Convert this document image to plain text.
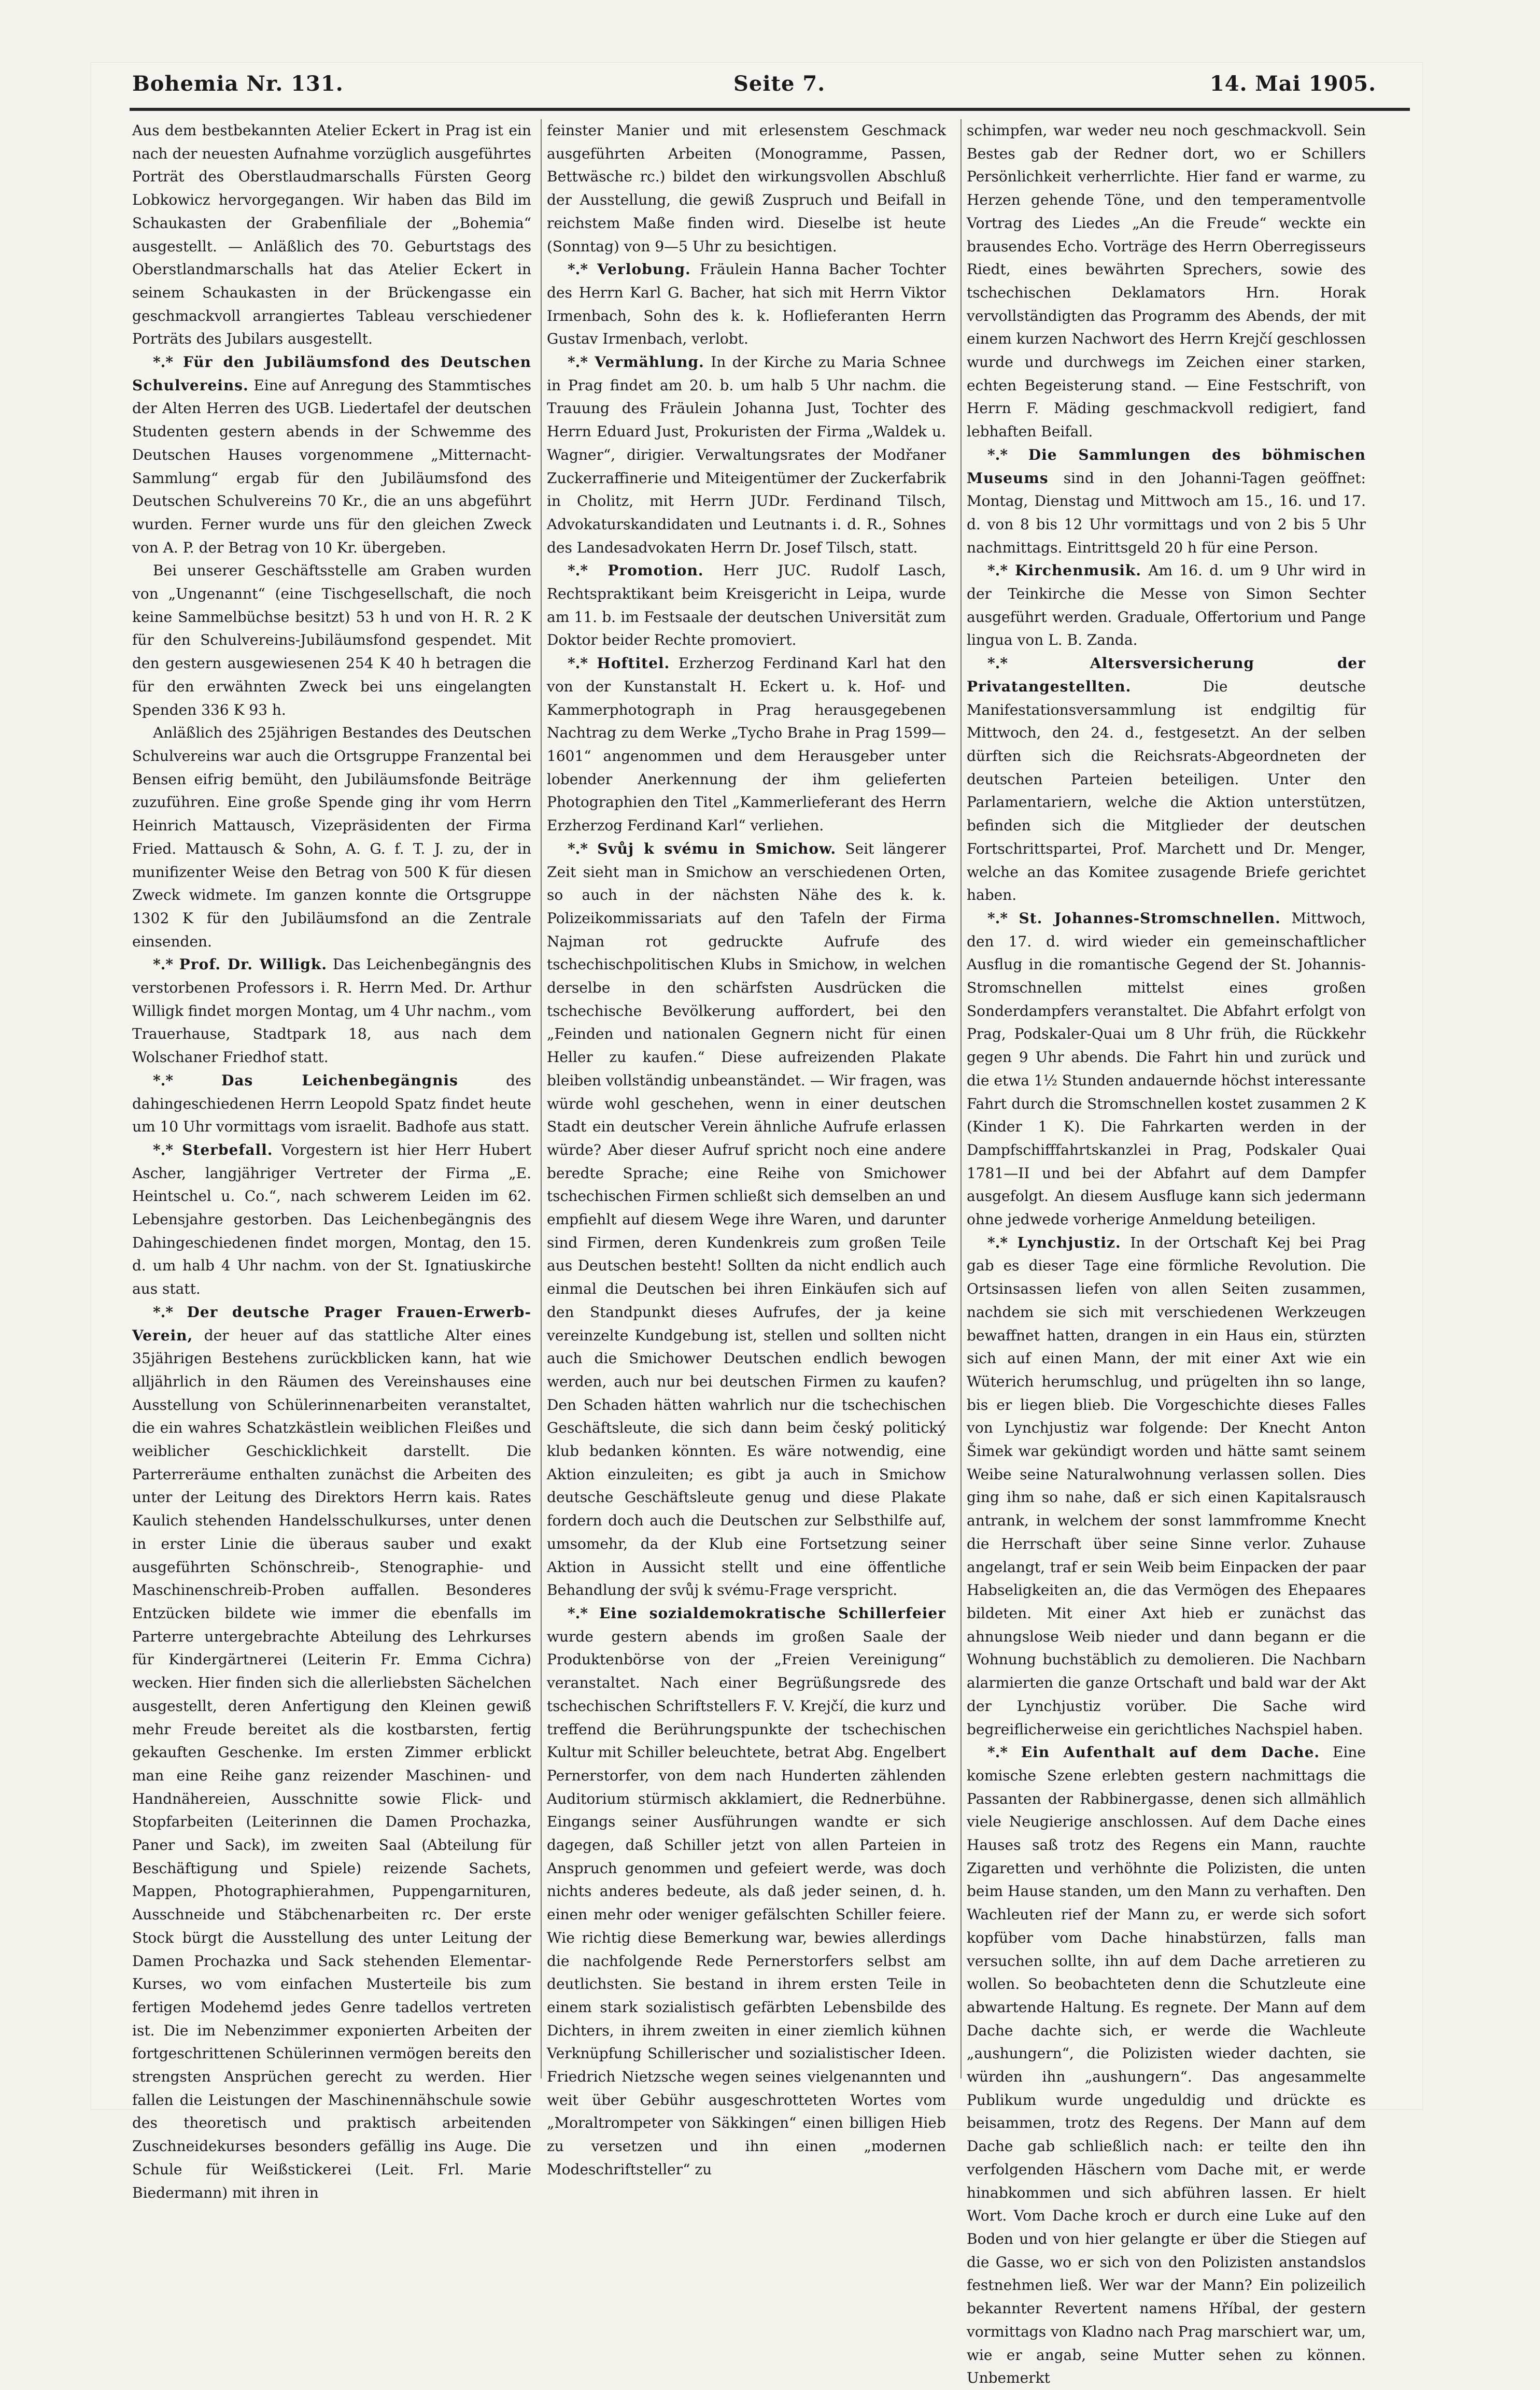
Bohemia Nr. 131.	Seite 7.	14. Mai 1905.

Aus dem bestbekannten Atelier Eckert in Prag ist ein nach der neuesten Aufnahme vorzüglich ausgeführtes Porträt des Oberstlaudmarschalls Fürsten Georg Lobkowicz hervorgegangen. Wir haben das Bild im Schaukasten der Grabenfiliale der „Bohemia“ ausgestellt. — Anläßlich des 70. Geburtstags des Oberstlandmarschalls hat das Atelier Eckert in seinem Schaukasten in der Brückengasse ein geschmackvoll arrangiertes Tableau verschiedener Porträts des Jubilars ausgestellt.

*.* Für den Jubiläumsfond des Deutschen Schulvereins. Eine auf Anregung des Stammtisches der Alten Herren des UGB. Liedertafel der deutschen Studenten gestern abends in der Schwemme des Deutschen Hauses vorgenommene „Mitternacht-Sammlung“ ergab für den Jubiläumsfond des Deutschen Schulvereins 70 Kr., die an uns abgeführt wurden. Ferner wurde uns für den gleichen Zweck von A. P. der Betrag von 10 Kr. übergeben.

Bei unserer Geschäftsstelle am Graben wurden von „Ungenannt“ (eine Tischgesellschaft, die noch keine Sammelbüchse besitzt) 53 h und von H. R. 2 K für den Schulvereins-Jubiläumsfond gespendet. Mit den gestern ausgewiesenen 254 K 40 h betragen die für den erwähnten Zweck bei uns eingelangten Spenden 336 K 93 h.

Anläßlich des 25jährigen Bestandes des Deutschen Schulvereins war auch die Ortsgruppe Franzental bei Bensen eifrig bemüht, den Jubiläumsfonde Beiträge zuzuführen. Eine große Spende ging ihr vom Herrn Heinrich Mattausch, Vizepräsidenten der Firma Fried. Mattausch & Sohn, A. G. f. T. J. zu, der in munifizenter Weise den Betrag von 500 K für diesen Zweck widmete. Im ganzen konnte die Ortsgruppe 1302 K für den Jubiläumsfond an die Zentrale einsenden.

*.* Prof. Dr. Willigk. Das Leichenbegängnis des verstorbenen Professors i. R. Herrn Med. Dr. Arthur Willigk findet morgen Montag, um 4 Uhr nachm., vom Trauerhause, Stadtpark 18, aus nach dem Wolschaner Friedhof statt.

*.* Das Leichenbegängnis	des dahingeschiedenen Herrn Leopold Spatz findet heute um 10 Uhr vormittags vom israelit. Badhofe aus statt.

*.* Sterbefall. Vorgestern ist hier Herr Hubert Ascher, langjähriger Vertreter der Firma „E. Heintschel u. Co.“, nach schwerem Leiden im 62. Lebensjahre gestorben. Das Leichenbegängnis des Dahingeschiedenen findet morgen, Montag, den 15. d. um halb 4 Uhr nachm. von der St. Ignatiuskirche aus statt.

*.* Der deutsche Prager Frauen-Erwerb-Verein, der heuer auf das stattliche Alter eines 35jährigen Bestehens zurückblicken kann, hat wie alljährlich in den Räumen des Vereinshauses eine Ausstellung von Schülerinnenarbeiten veranstaltet, die ein wahres Schatzkästlein weiblichen Fleißes und weiblicher Geschicklichkeit darstellt. Die Parterreräume enthalten zunächst die Arbeiten des unter der Leitung des Direktors Herrn kais. Rates Kaulich stehenden Handelsschulkurses, unter denen in erster Linie die überaus sauber und exakt ausgeführten Schönschreib-, Stenographie- und Maschinenschreib-Proben auffallen. Besonderes Entzücken bildete wie immer die ebenfalls im Parterre untergebrachte Abteilung des Lehrkurses für Kindergärtnerei (Leiterin Fr. Emma Cichra) wecken. Hier finden sich die allerliebsten Sächelchen ausgestellt, deren Anfertigung den Kleinen gewiß mehr Freude bereitet als die kostbarsten, fertig gekauften Geschenke. Im ersten Zimmer erblickt man eine Reihe ganz reizender Maschinen- und Handnähereien, Ausschnitte sowie Flick- und Stopfarbeiten (Leiterinnen die Damen Prochazka, Paner und Sack), im zweiten Saal (Abteilung für Beschäftigung und Spiele) reizende Sachets, Mappen, Photographierahmen, Puppengarnituren, Ausschneide und Stäbchenarbeiten rc. Der erste Stock bürgt die Ausstellung des unter Leitung der Damen Prochazka und Sack stehenden Elementar-Kurses, wo vom einfachen Musterteile bis zum fertigen Modehemd jedes Genre tadellos vertreten ist. Die im Nebenzimmer exponierten Arbeiten der fortgeschrittenen Schülerinnen vermögen bereits den strengsten Ansprüchen gerecht zu werden. Hier fallen die Leistungen der Maschinennähschule sowie des theoretisch und praktisch arbeitenden Zuschneidekurses besonders gefällig ins Auge. Die Schule für Weißstickerei (Leit. Frl. Marie Biedermann) mit ihren in

feinster Manier und mit erlesenstem Geschmack ausgeführten Arbeiten (Monogramme, Passen, Bettwäsche rc.) bildet den wirkungsvollen Abschluß der Ausstellung, die gewiß Zuspruch und Beifall in reichstem Maße finden wird. Dieselbe ist heute (Sonntag) von 9—5 Uhr zu besichtigen.

*.* Verlobung. Fräulein Hanna Bacher Tochter des Herrn Karl G. Bacher, hat sich mit Herrn Viktor Irmenbach, Sohn des k. k. Hoflieferanten Herrn Gustav Irmenbach, verlobt.

*.* Vermählung. In der Kirche zu Maria Schnee in Prag findet am 20. b. um halb 5 Uhr nachm. die Trauung des Fräulein Johanna Just, Tochter des Herrn Eduard Just, Prokuristen der Firma „Waldek u. Wagner“, dirigier. Verwaltungsrates der Modřaner Zuckerraffinerie und Miteigentümer der Zuckerfabrik in Cholitz, mit Herrn JUDr. Ferdinand Tilsch, Advokaturskandidaten und Leutnants i. d. R., Sohnes des Landesadvokaten Herrn Dr. Josef Tilsch, statt.

*.* Promotion. Herr JUC. Rudolf Lasch, Rechtspraktikant beim Kreisgericht in Leipa, wurde am 11. b. im Festsaale der deutschen Universität zum Doktor beider Rechte promoviert.

*.* Hoftitel. Erzherzog Ferdinand Karl hat den von der Kunstanstalt H. Eckert u. k. Hof- und Kammerphotograph in Prag herausgegebenen Nachtrag zu dem Werke „Tycho Brahe in Prag 1599—1601“ angenommen und dem Herausgeber unter lobender Anerkennung der ihm gelieferten Photographien den Titel „Kammerlieferant des Herrn Erzherzog Ferdinand Karl“ verliehen.

*.* Svůj k svému in Smichow. Seit längerer Zeit sieht man in Smichow an verschiedenen Orten, so auch in der nächsten Nähe des k. k. Polizeikommissariats auf den Tafeln der Firma Najman rot gedruckte Aufrufe des tschechischpolitischen Klubs in Smichow, in welchen derselbe in den schärfsten Ausdrücken die tschechische Bevölkerung auffordert, bei den „Feinden und nationalen Gegnern nicht für einen Heller zu kaufen.“ Diese aufreizenden Plakate bleiben vollständig unbeanständet. — Wir fragen, was würde wohl geschehen, wenn in einer deutschen Stadt ein deutscher Verein ähnliche Aufrufe erlassen würde? Aber dieser Aufruf spricht noch eine andere beredte Sprache; eine Reihe von Smichower tschechischen Firmen schließt sich demselben an und empfiehlt auf diesem Wege ihre Waren, und darunter sind Firmen, deren Kundenkreis zum großen Teile aus Deutschen besteht! Sollten da nicht endlich auch einmal die Deutschen bei ihren Einkäufen sich auf den Standpunkt dieses Aufrufes, der ja keine vereinzelte Kundgebung ist, stellen und sollten nicht auch die Smichower Deutschen endlich bewogen werden, auch nur bei deutschen Firmen zu kaufen? Den Schaden hätten wahrlich nur die tschechischen Geschäftsleute, die sich dann beim český politický klub bedanken könnten. Es wäre notwendig, eine Aktion einzuleiten; es gibt ja auch in Smichow deutsche Geschäftsleute genug und diese Plakate fordern doch auch die Deutschen zur Selbsthilfe auf, umsomehr, da der Klub eine Fortsetzung seiner Aktion in Aussicht stellt und eine öffentliche Behandlung der svůj k svému-Frage verspricht.

*.* Eine sozialdemokratische Schillerfeier wurde gestern abends im großen Saale der Produktenbörse von der „Freien Vereinigung“ veranstaltet. Nach einer Begrüßungsrede des tschechischen Schriftstellers F. V. Krejčí, die kurz und treffend die Berührungspunkte der tschechischen Kultur mit Schiller beleuchtete, betrat Abg. Engelbert Pernerstorfer, von dem nach Hunderten zählenden Auditorium stürmisch akklamiert, die Rednerbühne. Eingangs seiner Ausführungen wandte er sich dagegen, daß Schiller jetzt von allen Parteien in Anspruch genommen und gefeiert werde, was doch nichts anderes bedeute, als daß jeder seinen, d. h. einen mehr oder weniger gefälschten Schiller feiere. Wie richtig diese Bemerkung war, bewies allerdings die nachfolgende Rede Pernerstorfers selbst am deutlichsten. Sie bestand in ihrem ersten Teile in einem stark sozialistisch gefärbten Lebensbilde des Dichters, in ihrem zweiten in einer ziemlich kühnen Verknüpfung Schillerischer und sozialistischer Ideen. Friedrich Nietzsche wegen seines vielgenannten und weit über Gebühr ausgeschrotteten Wortes vom „Moraltrompeter von Säkkingen“ einen billigen Hieb zu versetzen und ihn einen „modernen Modeschriftsteller“ zu

schimpfen, war weder neu noch geschmackvoll. Sein Bestes gab der Redner dort, wo er Schillers Persönlichkeit verherrlichte. Hier fand er warme, zu Herzen gehende Töne, und den temperamentvolle Vortrag des Liedes „An die Freude“ weckte ein brausendes Echo. Vorträge des Herrn Oberregisseurs Riedt, eines bewährten Sprechers, sowie des tschechischen Deklamators Hrn. Horak vervollständigten das Programm des Abends, der mit einem kurzen Nachwort des Herrn Krejčí geschlossen wurde und durchwegs im Zeichen einer starken, echten Begeisterung stand. — Eine Festschrift, von Herrn F. Mäding geschmackvoll redigiert, fand lebhaften Beifall.

*.* Die Sammlungen des böhmischen Museums sind in den Johanni-Tagen geöffnet: Montag, Dienstag und Mittwoch am 15., 16. und 17. d. von 8 bis 12 Uhr vormittags und von 2 bis 5 Uhr nachmittags. Eintrittsgeld 20 h für eine Person.

*.* Kirchenmusik. Am 16. d. um 9 Uhr wird in der Teinkirche die Messe von Simon Sechter ausgeführt werden. Graduale, Offertorium und Pange lingua von L. B. Zanda.

*.* Altersversicherung der Privatangestellten.	Die deutsche Manifestationsversammlung ist endgiltig für Mittwoch, den 24. d., festgesetzt. An der selben dürften sich die Reichsrats-Abgeordneten der deutschen Parteien beteiligen. Unter den Parlamentariern, welche die Aktion unterstützen, befinden sich die Mitglieder der deutschen Fortschrittspartei, Prof. Marchett und Dr. Menger, welche an das Komitee zusagende Briefe gerichtet haben.

*.* St. Johannes-Stromschnellen. Mittwoch, den 17. d. wird wieder ein gemeinschaftlicher Ausflug in die romantische Gegend der St. Johannis-Stromschnellen mittelst eines großen Sonderdampfers veranstaltet. Die Abfahrt erfolgt von Prag, Podskaler-Quai um 8 Uhr früh, die Rückkehr gegen 9 Uhr abends. Die Fahrt hin und zurück und die etwa 1½ Stunden andauernde höchst interessante Fahrt durch die Stromschnellen kostet zusammen 2 K (Kinder 1 K). Die Fahrkarten werden in der Dampfschifffahrtskanzlei in Prag, Podskaler Quai 1781—II und bei der Abfahrt auf dem Dampfer ausgefolgt. An diesem Ausfluge kann sich jedermann ohne jedwede vorherige Anmeldung beteiligen.

*.* Lynchjustiz. In der Ortschaft Kej bei Prag gab es dieser Tage eine förmliche Revolution. Die Ortsinsassen liefen von allen Seiten zusammen, nachdem sie sich mit verschiedenen Werkzeugen bewaffnet hatten, drangen in ein Haus ein, stürzten sich auf einen Mann, der mit einer Axt wie ein Wüterich herumschlug, und prügelten ihn so lange, bis er liegen blieb. Die Vorgeschichte dieses Falles von Lynchjustiz war folgende: Der Knecht Anton Šimek war gekündigt worden und hätte samt seinem Weibe seine Naturalwohnung verlassen sollen. Dies ging ihm so nahe, daß er sich einen Kapitalsrausch antrank, in welchem der sonst lammfromme Knecht die Herrschaft über seine Sinne verlor. Zuhause angelangt, traf er sein Weib beim Einpacken der paar Habseligkeiten an, die das Vermögen des Ehepaares bildeten. Mit einer Axt hieb er zunächst das ahnungslose Weib nieder und dann begann er die Wohnung buchstäblich zu demolieren. Die Nachbarn alarmierten die ganze Ortschaft und bald war der Akt der Lynchjustiz vorüber. Die Sache wird begreiflicherweise ein gerichtliches Nachspiel haben.

*.* Ein Aufenthalt auf dem Dache. Eine komische Szene erlebten gestern nachmittags die Passanten der Rabbinergasse, denen sich allmählich viele Neugierige anschlossen. Auf dem Dache eines Hauses saß trotz des Regens ein Mann, rauchte Zigaretten und verhöhnte die Polizisten, die unten beim Hause standen, um den Mann zu verhaften. Den Wachleuten rief der Mann zu, er werde sich sofort kopfüber vom Dache hinabstürzen, falls man versuchen sollte, ihn auf dem Dache arretieren zu wollen. So beobachteten denn die Schutzleute eine abwartende Haltung. Es regnete. Der Mann auf dem Dache dachte sich, er werde die Wachleute „aushungern“, die Polizisten wieder dachten, sie würden ihn „aushungern“. Das angesammelte Publikum wurde ungeduldig und drückte es beisammen, trotz des Regens. Der Mann auf dem Dache gab schließlich nach: er teilte den ihn verfolgenden Häschern vom Dache mit, er werde hinabkommen und sich abführen lassen. Er hielt Wort. Vom Dache kroch er durch eine Luke auf den Boden und von hier gelangte er über die Stiegen auf die Gasse, wo er sich von den Polizisten anstandslos festnehmen ließ. Wer war der Mann? Ein polizeilich bekannter Revertent namens Hříbal, der gestern vormittags von Kladno nach Prag marschiert war, um, wie er angab, seine Mutter sehen zu können. Unbemerkt
